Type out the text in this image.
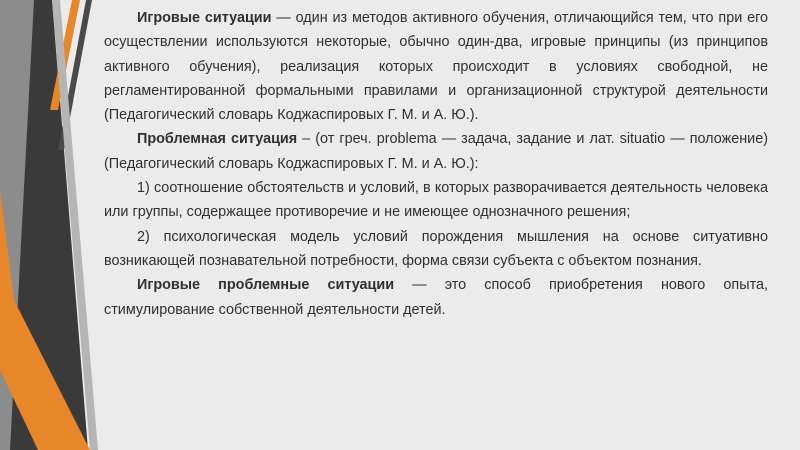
Игровые ситуации — один из методов активного обучения, отличающийся тем, что при его осуществлении используются некоторые, обычно один-два, игровые принципы (из принципов активного обучения), реализация которых происходит в условиях свободной, не регламентированной формальными правилами и организационной структурой деятельности (Педагогический словарь Коджаспировых Г. М. и А. Ю.).

Проблемная ситуация – (от греч. problema — задача, задание и лат. situatio — положение) (Педагогический словарь Коджаспировых Г. М. и А. Ю.):

1) соотношение обстоятельств и условий, в которых разворачивается деятельность человека или группы, содержащее противоречие и не имеющее однозначного решения;

2) психологическая модель условий порождения мышления на основе ситуативно возникающей познавательной потребности, форма связи субъекта с объектом познания.

Игровые проблемные ситуации — это способ приобретения нового опыта, стимулирование собственной деятельности детей.
